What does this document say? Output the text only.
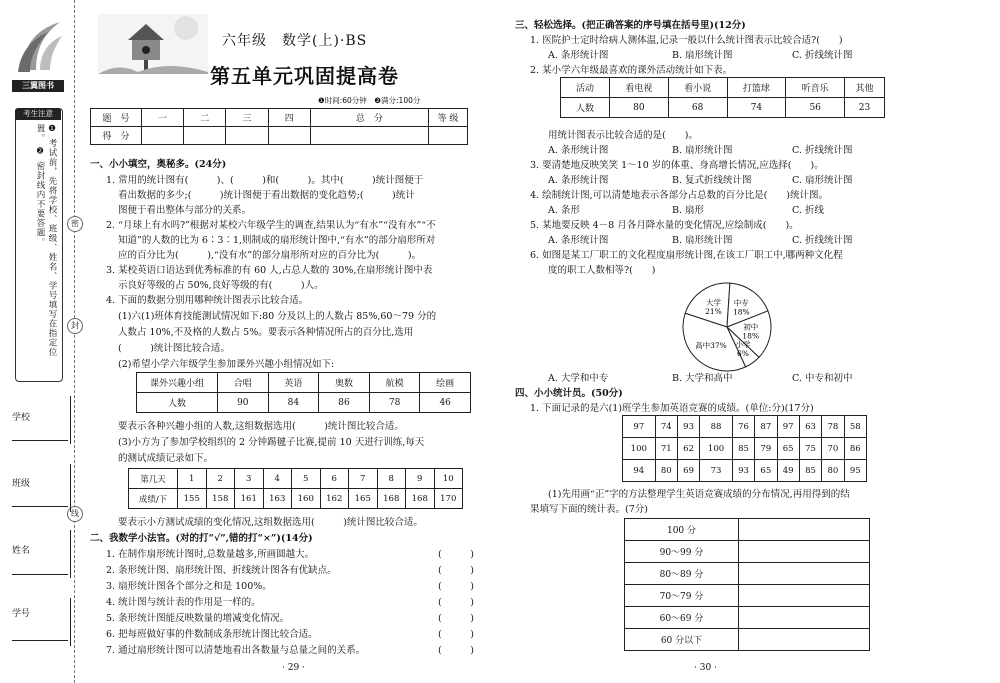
三翼图书
考生注意
❶ 考试前，先将学校、班级、姓名、学号填写在指定位置。 ❷ 密封线内不要答题。	密
封
线
学校
班级
姓名
学号
六年级　数学(上)·BS
第五单元巩固提高卷
❶时间:60分钟　❷满分:100分
题　号	一	二	三	四	总　分	等 级
得　分						
一、小小填空，奥秘多。(24分)
1. 常用的统计图有(　　　)、(　　　)和(　　　)。其中(　　　)统计图便于
看出数据的多少;(　　　)统计图便于看出数据的变化趋势;(　　　)统计
图便于看出整体与部分的关系。
2. “月球上有水吗?”根据对某校六年级学生的调查,结果认为“有水”“没有水”“不
知道”的人数的比为 6∶3∶1,则制成的扇形统计图中,“有水”的部分扇形所对
应的百分比为(　　　),“没有水”的部分扇形所对应的百分比为(　　　)。
3. 某校英语口语达到优秀标准的有 60 人,占总人数的 30%,在扇形统计图中表
示良好等级的占 50%,良好等级的有(　　　)人。
4. 下面的数据分别用哪种统计图表示比较合适。
(1)六(1)班体育技能测试情况如下:80 分及以上的人数占 85%,60～79 分的
人数占 10%,不及格的人数占 5%。要表示各种情况所占的百分比,选用
(　　　)统计图比较合适。
(2)希望小学六年级学生参加课外兴趣小组情况如下:
课外兴趣小组	合唱	英语	奥数	航模	绘画
人数	90	84	86	78	46
要表示各种兴趣小组的人数,这组数据选用(　　　)统计图比较合适。
(3)小方为了参加学校组织的 2 分钟踢毽子比赛,提前 10 天进行训练,每天
的测试成绩记录如下。
第几天	1	2	3	4	5	6	7	8	9	10
成绩/下	155	158	161	163	160	162	165	168	168	170
要表示小方测试成绩的变化情况,这组数据选用(　　　)统计图比较合适。
二、我数学小法官。(对的打“√”,错的打“×”)(14分)
1. 在制作扇形统计图时,总数量越多,所画圆越大。	(　　　)
2. 条形统计图、扇形统计图、折线统计图各有优缺点。	(　　　)
3. 扇形统计图各个部分之和是 100%。	(　　　)
4. 统计图与统计表的作用是一样的。	(　　　)
5. 条形统计图能反映数量的增减变化情况。	(　　　)
6. 把每班做好事的件数制成条形统计图比较合适。	(　　　)
7. 通过扇形统计图可以清楚地看出各数量与总量之间的关系。	(　　　)
· 29 ·
三、轻松选择。(把正确答案的序号填在括号里)(12分)
1. 医院护士定时给病人测体温,记录一般以什么统计图表示比较合适?(　　)
A. 条形统计图	B. 扇形统计图	C. 折线统计图
2. 某小学六年级最喜欢的课外活动统计如下表。
活动	看电视	看小说	打篮球	听音乐	其他
人数	80	68	74	56	23
用统计图表示比较合适的是(　　)。
A. 条形统计图	B. 扇形统计图	C. 折线统计图
3. 要清楚地反映笑笑 1～10 岁的体重、身高增长情况,应选择(　　)。
A. 条形统计图	B. 复式折线统计图	C. 扇形统计图
4. 绘制统计图,可以清楚地表示各部分占总数的百分比是(　　)统计图。
A. 条形	B. 扇形	C. 折线
5. 某地要反映 4－8 月各月降水量的变化情况,应绘制成(　　)。
A. 条形统计图	B. 扇形统计图	C. 折线统计图
6. 如图是某工厂职工的文化程度扇形统计图,在该工厂职工中,哪两种文化程
度的职工人数相等?(　　)
大学 21%
中专 18%
初中 18%
小学 6%
高中37%
A. 大学和中专	B. 大学和高中	C. 中专和初中
四、小小统计员。(50分)
1. 下面记录的是六(1)班学生参加英语竞赛的成绩。(单位:分)(17分)
97	74	93	88	76	87	97	63	78	58
100	71	62	100	85	79	65	75	70	86
94	80	69	73	93	65	49	85	80	95
(1)先用画“正”字的方法整理学生英语竞赛成绩的分布情况,再用得到的结
果填写下面的统计表。(7分)
100 分	
90～99 分	
80～89 分	
70～79 分	
60～69 分	
60 分以下	
· 30 ·
